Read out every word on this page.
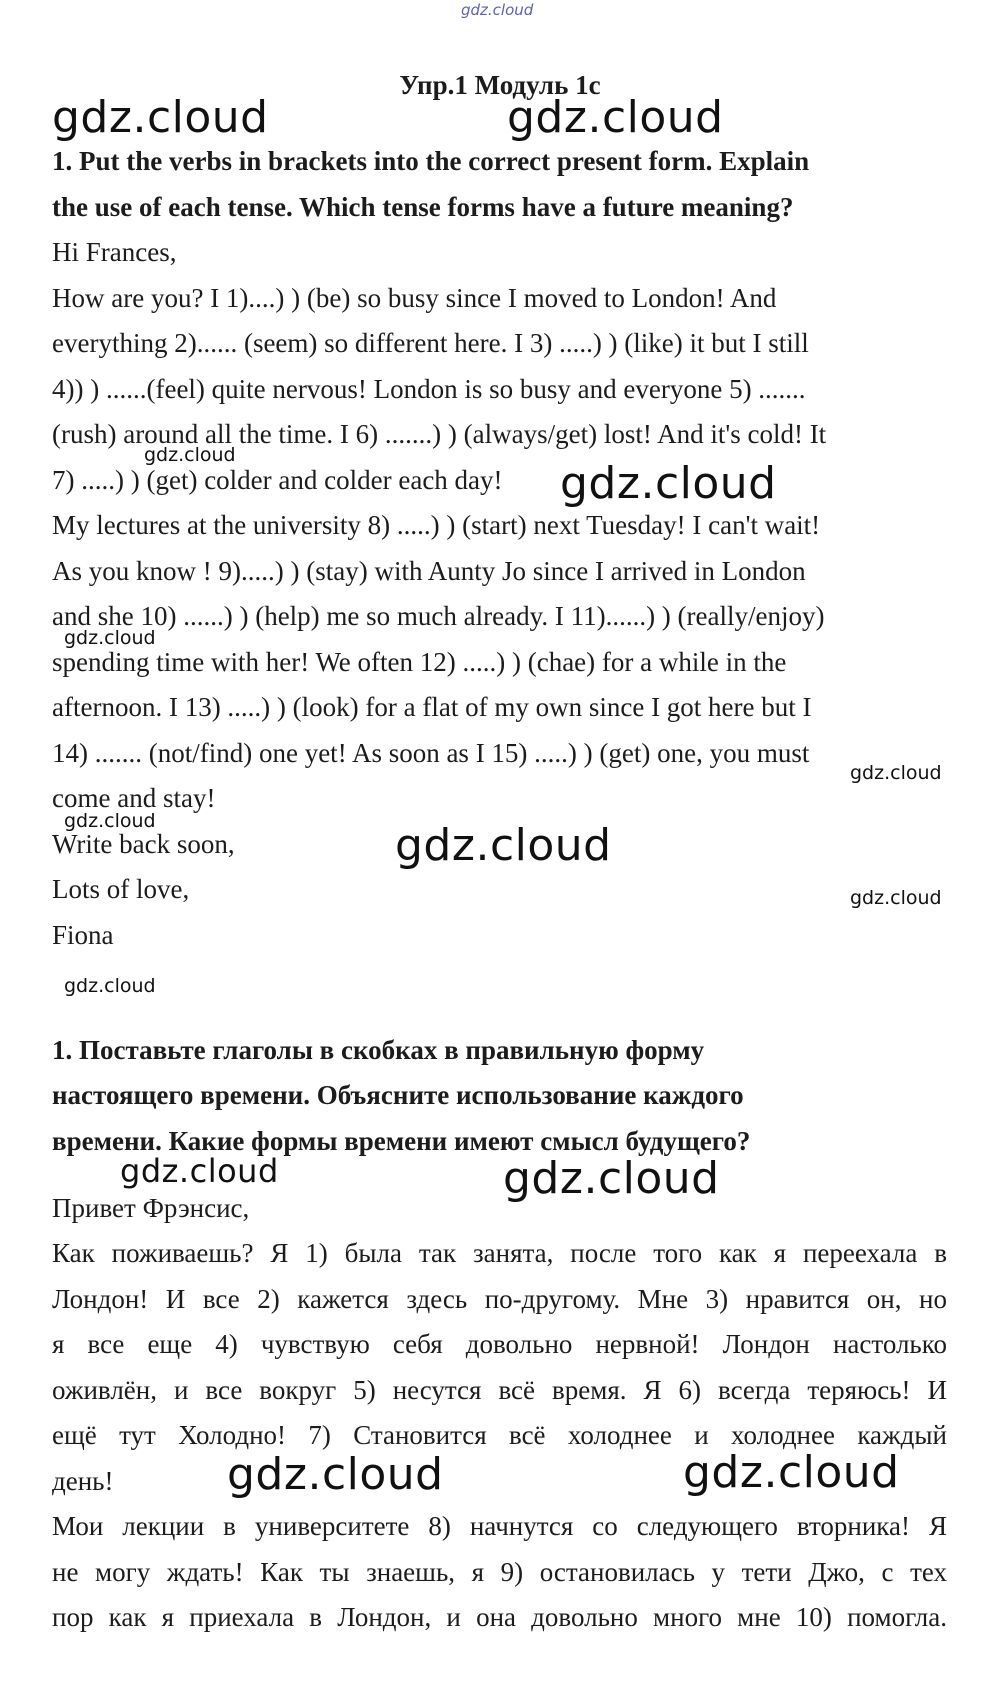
gdz.cloud
Упр.1 Модуль 1с

1. Put the verbs in brackets into the correct present form. Explain

the use of each tense. Which tense forms have a future meaning?

Hi Frances,

How are you? I 1)....) ) (be) so busy since I moved to London! And

everything 2)...... (seem) so different here. I 3) .....) ) (like) it but I still

4)) ) ......(feel) quite nervous! London is so busy and everyone 5) .......

(rush) around all the time. I 6) .......) ) (always/get) lost! And it's cold! It

7) .....) ) (get) colder and colder each day!

My lectures at the university 8) .....) ) (start) next Tuesday! I can't wait!

As you know ! 9).....) ) (stay) with Aunty Jo since I arrived in London

and she 10) ......) ) (help) me so much already. I 11)......) ) (really/enjoy)

spending time with her! We often 12) .....) ) (chae) for a while in the

afternoon. I 13) .....) ) (look) for a flat of my own since I got here but I

14) ....... (not/find) one yet! As soon as I 15) .....) ) (get) one, you must

come and stay!

Write back soon,

Lots of love,

Fiona

1. Поставьте глаголы в скобках в правильную форму

настоящего времени. Объясните использование каждого

времени. Какие формы времени имеют смысл будущего?

Привет Фрэнсис,

Как поживаешь? Я 1) была так занята, после того как я переехала в

Лондон! И все 2) кажется здесь по-другому. Мне 3) нравится он, но

я все еще 4) чувствую себя довольно нервной! Лондон настолько

оживлён, и все вокруг 5) несутся всё время. Я 6) всегда теряюсь! И

ещё тут Холодно! 7) Становится всё холоднее и холоднее каждый

день!

Мои лекции в университете 8) начнутся со следующего вторника! Я

не могу ждать! Как ты знаешь, я 9) остановилась у тети Джо, с тех

пор как я приехала в Лондон, и она довольно много мне 10) помогла.

gdz.cloud	gdz.cloud
gdz.cloud
gdz.cloud
gdz.cloud
gdz.cloud
gdz.cloud	gdz.cloud
gdz.cloud
gdz.cloud
gdz.cloud	gdz.cloud
gdz.cloud	gdz.cloud
